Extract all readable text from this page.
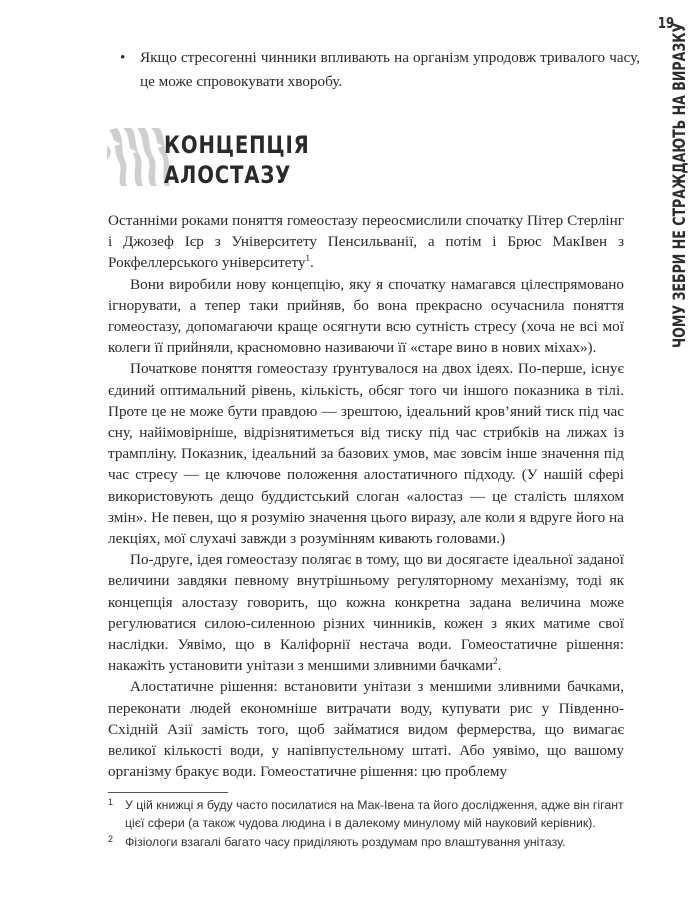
19
ЧОМУ ЗЕБРИ НЕ СТРАЖДАЮТЬ НА ВИРАЗКУ
• Якщо стресогенні чинники впливають на організм упродовж тривалого часу, це може спровокувати хворобу.
КОНЦЕПЦІЯ
АЛОСТАЗУ

Останніми роками поняття гомеостазу переосмислили спочатку Пітер Стерлінг і Джозеф Ієр з Університету Пенсильванії, а потім і Брюс МакІвен з Рокфеллерського університету$^1$.

Вони виробили нову концепцію, яку я спочатку намагався цілеспрямовано ігнорувати, а тепер таки прийняв, бо вона прекрасно осучаснила поняття гомеостазу, допомагаючи краще осягнути всю сутність стресу (хоча не всі мої колеги її прийняли, красномовно називаючи її «старе вино в нових міхах»).

Початкове поняття гомеостазу ґрунтувалося на двох ідеях. По-перше, існує єдиний оптимальний рівень, кількість, обсяг того чи іншого показника в тілі. Проте це не може бути правдою — зрештою, ідеальний кров’яний тиск під час сну, найімовірніше, відрізнятиметься від тиску під час стрибків на лижах із трампліну. Показник, ідеальний за базових умов, має зовсім інше значення під час стресу — це ключове положення алостатичного підходу. (У нашій сфері використовують дещо буддистський слоган «алостаз — це сталість шляхом змін». Не певен, що я розумію значення цього виразу, але коли я вдруге його на лекціях, мої слухачі завжди з розумінням кивають головами.)

По-друге, ідея гомеостазу полягає в тому, що ви досягаєте ідеальної заданої величини завдяки певному внутрішньому регуляторному механізму, тоді як концепція алостазу говорить, що кожна конкретна задана величина може регулюватися силою-силенною різних чинників, кожен з яких матиме свої наслідки. Уявімо, що в Каліфорнії нестача води. Гомеостатичне рішення: накажіть установити унітази з меншими зливними бачками$^2$.

Алостатичне рішення: встановити унітази з меншими зливними бачками, переконати людей економніше витрачати воду, купувати рис у Південно-Східній Азії замість того, щоб займатися видом фермерства, що вимагає великої кількості води, у напівпустельному штаті. Або уявімо, що вашому організму бракує води. Гомеостатичне рішення: цю проблему

1 У цій книжці я буду часто посилатися на Мак-Івена та його дослідження, адже він гігант цієї сфери (а також чудова людина і в далекому минулому мій науковий керівник).

2 Фізіологи взагалі багато часу приділяють роздумам про влаштування унітазу.
